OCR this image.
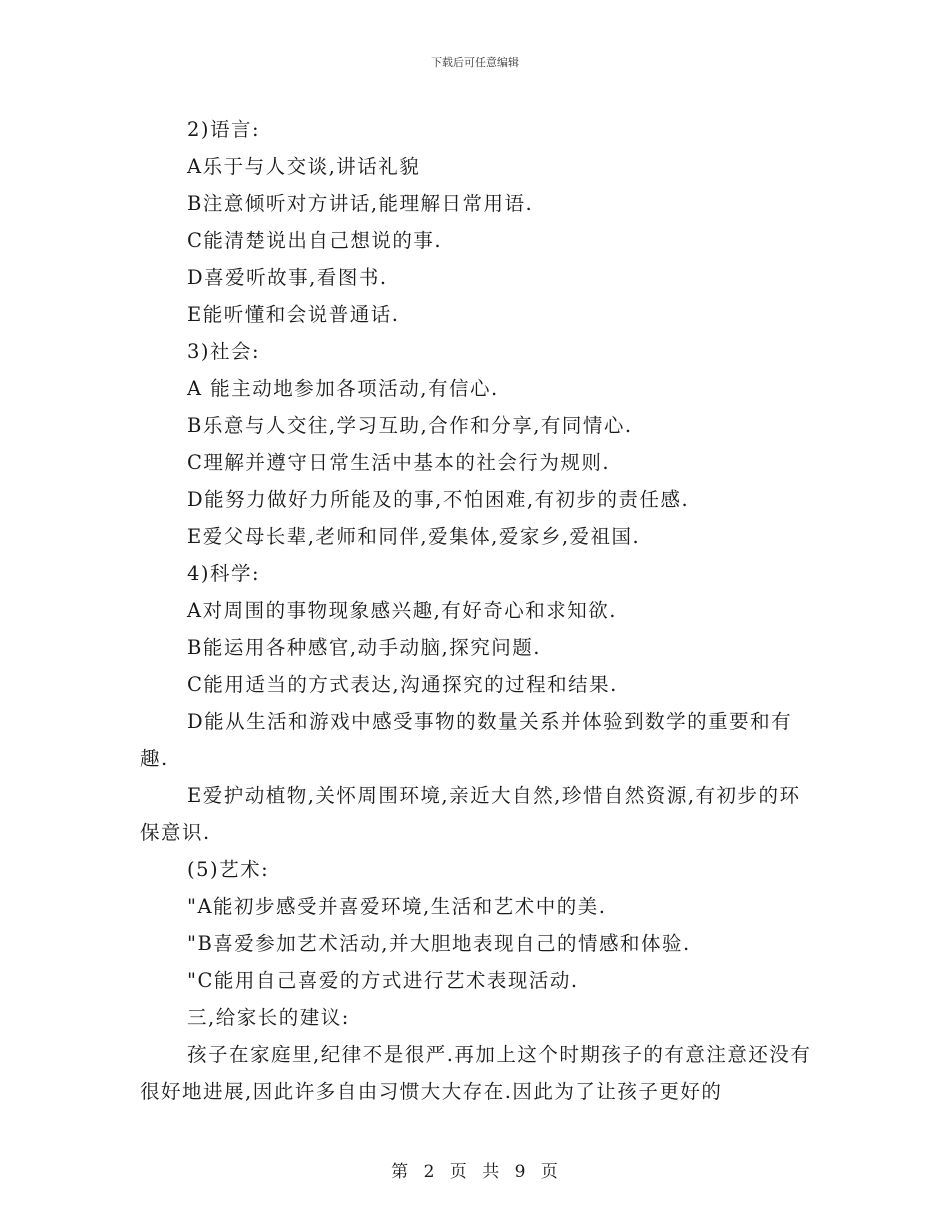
下载后可任意编辑

2)语言:

A乐于与人交谈,讲话礼貌

B注意倾听对方讲话,能理解日常用语.

C能清楚说出自己想说的事.

D喜爱听故事,看图书.

E能听懂和会说普通话.

3)社会:

A 能主动地参加各项活动,有信心.

B乐意与人交往,学习互助,合作和分享,有同情心.

C理解并遵守日常生活中基本的社会行为规则.

D能努力做好力所能及的事,不怕困难,有初步的责任感.

E爱父母长辈,老师和同伴,爱集体,爱家乡,爱祖国.

4)科学:

A对周围的事物现象感兴趣,有好奇心和求知欲.

B能运用各种感官,动手动脑,探究问题.

C能用适当的方式表达,沟通探究的过程和结果.

D能从生活和游戏中感受事物的数量关系并体验到数学的重要和有趣.

E爱护动植物,关怀周围环境,亲近大自然,珍惜自然资源,有初步的环保意识.

(5)艺术:

"A能初步感受并喜爱环境,生活和艺术中的美.

"B喜爱参加艺术活动,并大胆地表现自己的情感和体验.

"C能用自己喜爱的方式进行艺术表现活动.

三,给家长的建议:

孩子在家庭里,纪律不是很严.再加上这个时期孩子的有意注意还没有很好地进展,因此许多自由习惯大大存在.因此为了让孩子更好的

第 2 页 共 9 页
